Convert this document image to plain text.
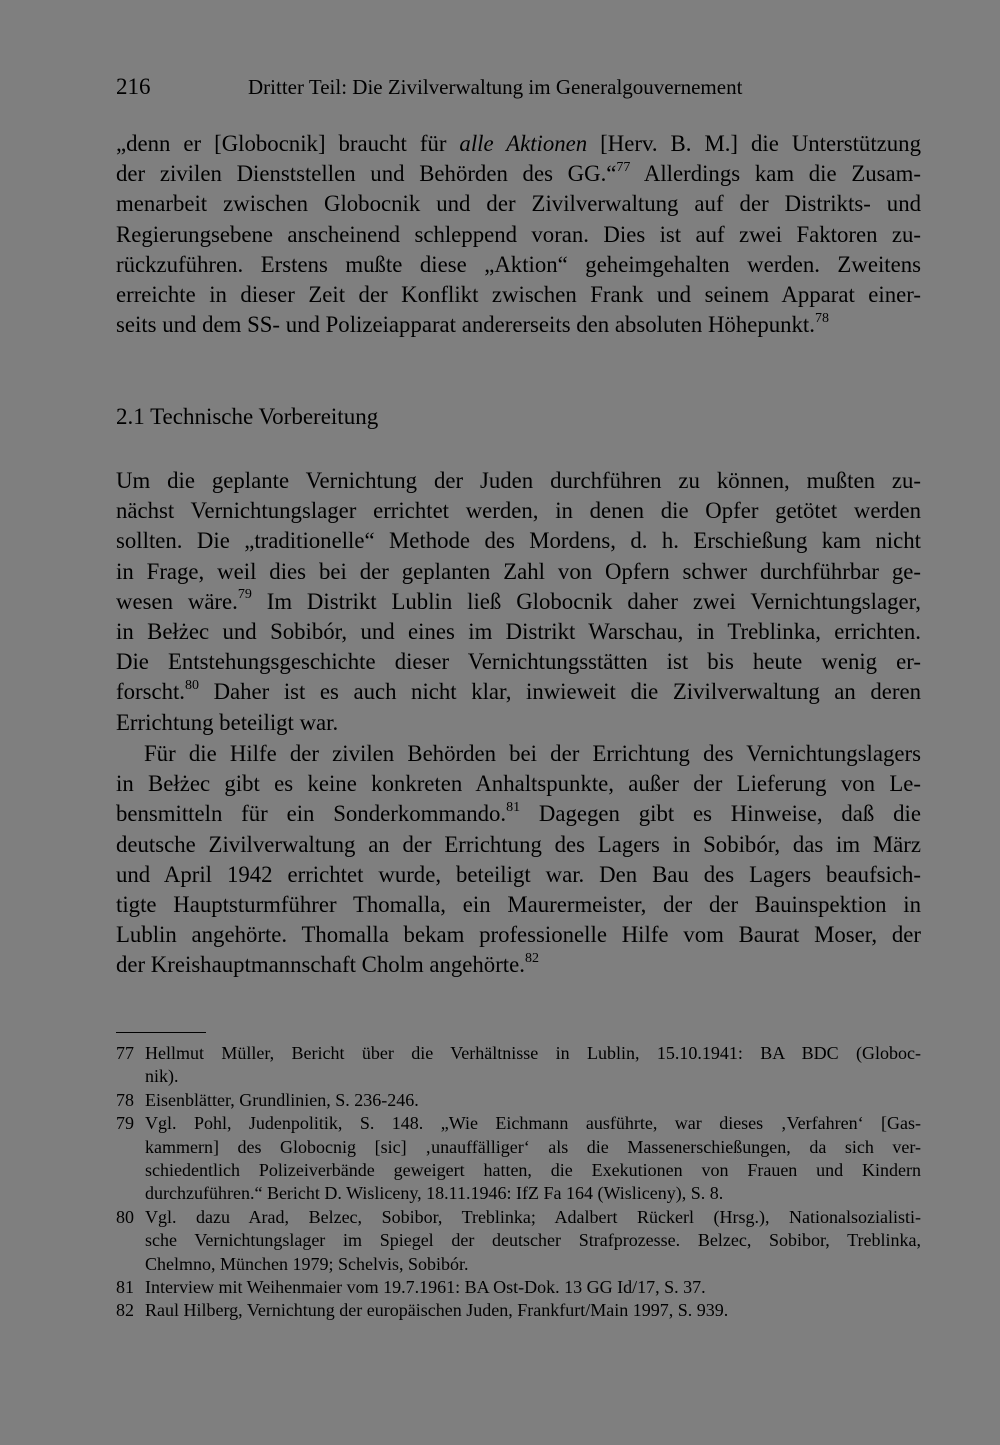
216	Dritter Teil: Die Zivilverwaltung im Generalgouvernement

„denn er [Globocnik] braucht für alle Aktionen [Herv. B. M.] die Unterstützung
der zivilen Dienststellen und Behörden des GG.“$^{77}$ Allerdings kam die Zusam-
menarbeit zwischen Globocnik und der Zivilverwaltung auf der Distrikts- und
Regierungsebene anscheinend schleppend voran. Dies ist auf zwei Faktoren zu-
rückzuführen. Erstens mußte diese „Aktion“ geheimgehalten werden. Zweitens
erreichte in dieser Zeit der Konflikt zwischen Frank und seinem Apparat einer-
seits und dem SS- und Polizeiapparat andererseits den absoluten Höhepunkt.$^{78}$

2.1 Technische Vorbereitung

Um die geplante Vernichtung der Juden durchführen zu können, mußten zu-
nächst Vernichtungslager errichtet werden, in denen die Opfer getötet werden
sollten. Die „traditionelle“ Methode des Mordens, d. h. Erschießung kam nicht
in Frage, weil dies bei der geplanten Zahl von Opfern schwer durchführbar ge-
wesen wäre.$^{79}$ Im Distrikt Lublin ließ Globocnik daher zwei Vernichtungslager,
in Bełżec und Sobibór, und eines im Distrikt Warschau, in Treblinka, errichten.
Die Entstehungsgeschichte dieser Vernichtungsstätten ist bis heute wenig er-
forscht.$^{80}$ Daher ist es auch nicht klar, inwieweit die Zivilverwaltung an deren
Errichtung beteiligt war.

Für die Hilfe der zivilen Behörden bei der Errichtung des Vernichtungslagers
in Bełżec gibt es keine konkreten Anhaltspunkte, außer der Lieferung von Le-
bensmitteln für ein Sonderkommando.$^{81}$ Dagegen gibt es Hinweise, daß die
deutsche Zivilverwaltung an der Errichtung des Lagers in Sobibór, das im März
und April 1942 errichtet wurde, beteiligt war. Den Bau des Lagers beaufsich-
tigte Hauptsturmführer Thomalla, ein Maurermeister, der der Bauinspektion in
Lublin angehörte. Thomalla bekam professionelle Hilfe vom Baurat Moser, der
der Kreishauptmannschaft Cholm angehörte.$^{82}$

77 Hellmut Müller, Bericht über die Verhältnisse in Lublin, 15.10.1941: BA BDC (Globoc-
nik).
78 Eisenblätter, Grundlinien, S. 236-246.
79 Vgl. Pohl, Judenpolitik, S. 148. „Wie Eichmann ausführte, war dieses ‚Verfahren‘ [Gas-
kammern] des Globocnig [sic] ‚unauffälliger‘ als die Massenerschießungen, da sich ver-
schiedentlich Polizeiverbände geweigert hatten, die Exekutionen von Frauen und Kindern
durchzuführen.“ Bericht D. Wisliceny, 18.11.1946: IfZ Fa 164 (Wisliceny), S. 8.
80 Vgl. dazu Arad, Belzec, Sobibor, Treblinka; Adalbert Rückerl (Hrsg.), Nationalsozialisti-
sche Vernichtungslager im Spiegel der deutscher Strafprozesse. Belzec, Sobibor, Treblinka,
Chelmno, München 1979; Schelvis, Sobibór.
81 Interview mit Weihenmaier vom 19.7.1961: BA Ost-Dok. 13 GG Id/17, S. 37.
82 Raul Hilberg, Vernichtung der europäischen Juden, Frankfurt/Main 1997, S. 939.
